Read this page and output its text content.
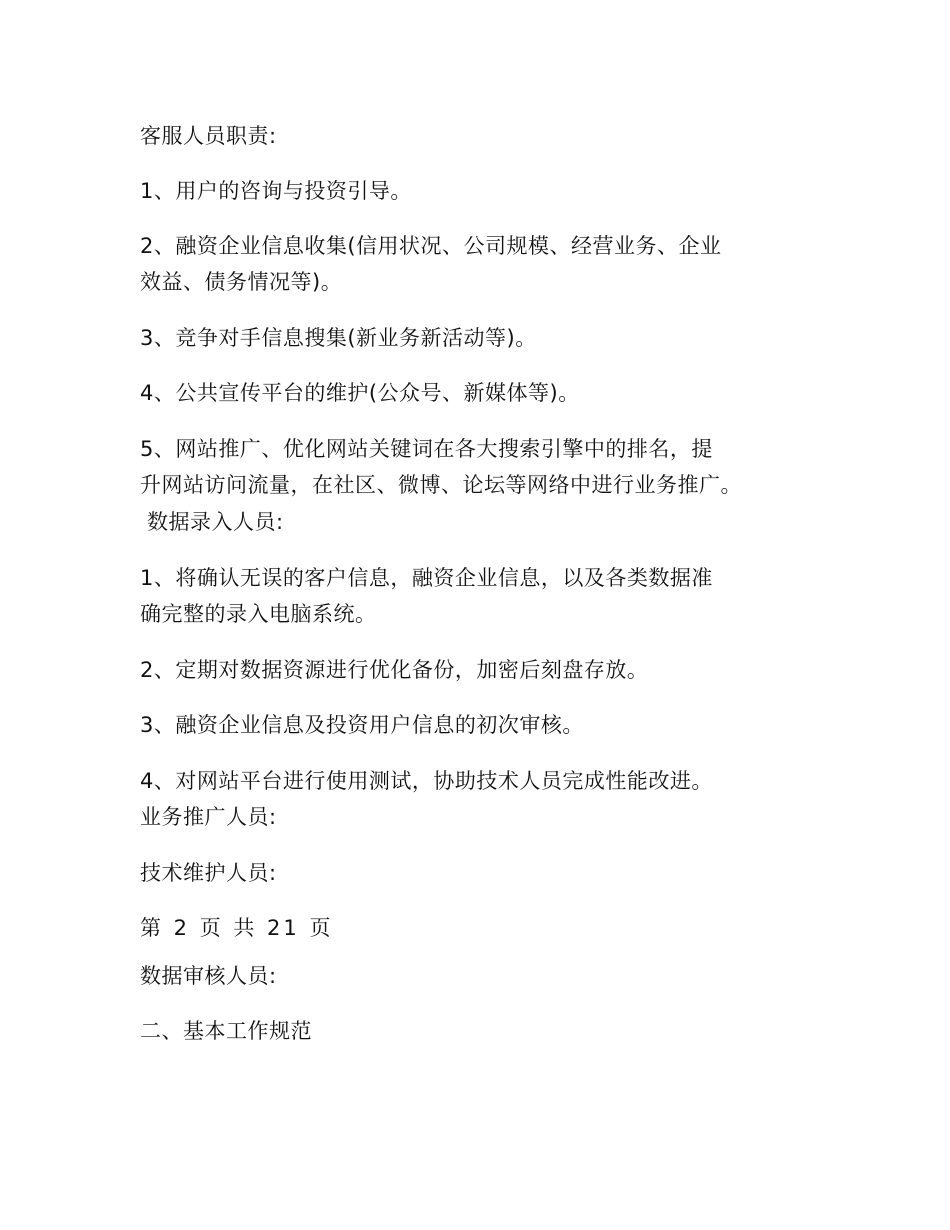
客服人员职责:
1、用户的咨询与投资引导。
2、融资企业信息收集(信用状况、公司规模、经营业务、企业
效益、债务情况等)。
3、竞争对手信息搜集(新业务新活动等)。
4、公共宣传平台的维护(公众号、新媒体等)。
5、网站推广、优化网站关键词在各大搜索引擎中的排名，提
升网站访问流量，在社区、微博、论坛等网络中进行业务推广。
数据录入人员:
1、将确认无误的客户信息，融资企业信息，以及各类数据准
确完整的录入电脑系统。
2、定期对数据资源进行优化备份，加密后刻盘存放。
3、融资企业信息及投资用户信息的初次审核。
4、对网站平台进行使用测试，协助技术人员完成性能改进。
业务推广人员:
技术维护人员:
第 2 页 共 21 页
数据审核人员:
二、基本工作规范
